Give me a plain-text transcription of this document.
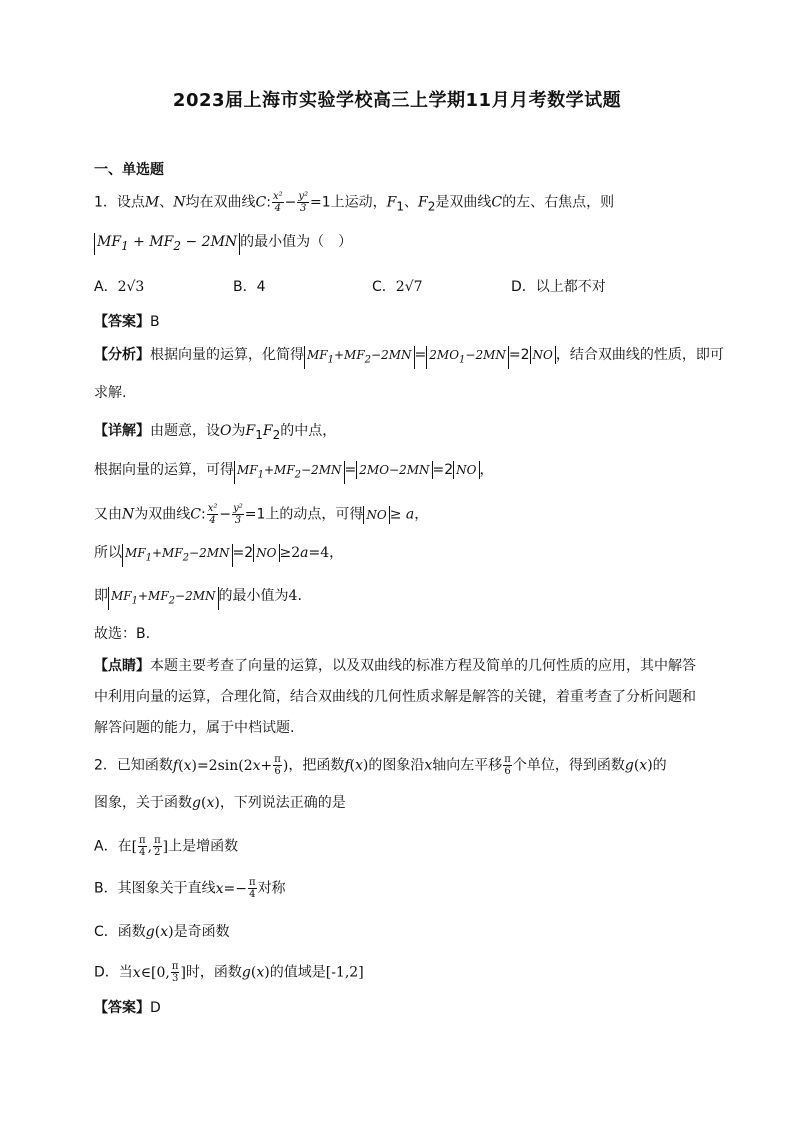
2023届上海市实验学校高三上学期11月月考数学试题
一、单选题
1．设点M、N均在双曲线C: $\frac{\text{x²}}{4} - \frac{\text{y²}}{3} =1$上运动，$F_1$、$F_2$是双曲线C的左、右焦点，则
$MF_1 + MF_2 - 2MN$ 的最小值为（　）
A．2√3	B．4	C．2√7	D．以上都不对
【答案】B
【分析】根据向量的运算，化简得 $MF_1+MF_2-2MN = 2MO_1-2MN =2$ NO ，结合双曲线的性质，即可
求解.
【详解】由题意，设O为$F_1F_2$的中点，
根据向量的运算，可得 $MF_1+MF_2-2MN = 2MO-2MN =2$ NO ，
又由N为双曲线C: $\frac{\text{x²}}{4} - \frac{\text{y²}}{3} =1$上的动点，可得 NO ≥ a，
所以 $MF_1+MF_2-2MN =2$ NO ≥2a=4，
即 $MF_1+MF_2-2MN$ 的最小值为4.
故选：B.
【点睛】本题主要考查了向量的运算，以及双曲线的标准方程及简单的几何性质的应用，其中解答
中利用向量的运算，合理化简，结合双曲线的几何性质求解是解答的关键，着重考查了分析问题和
解答问题的能力，属于中档试题.
2．已知函数$f(x)=2\sin(2x+ \frac{\pi}{6}$ )，把函数f(x)的图象沿x轴向左平移 $\frac{\pi}{6}$ 个单位，得到函数g(x)的
图象，关于函数g(x)，下列说法正确的是
A．在[ $\frac{\pi}{4}$ , $\frac{\pi}{2}$ ]上是增函数
B．其图象关于直线$x=- \frac{\pi}{4}$ 对称
C．函数g(x)是奇函数
D．当x∈[0, $\frac{\pi}{3}$ ]时，函数g(x)的值域是[-1,2]
【答案】D
